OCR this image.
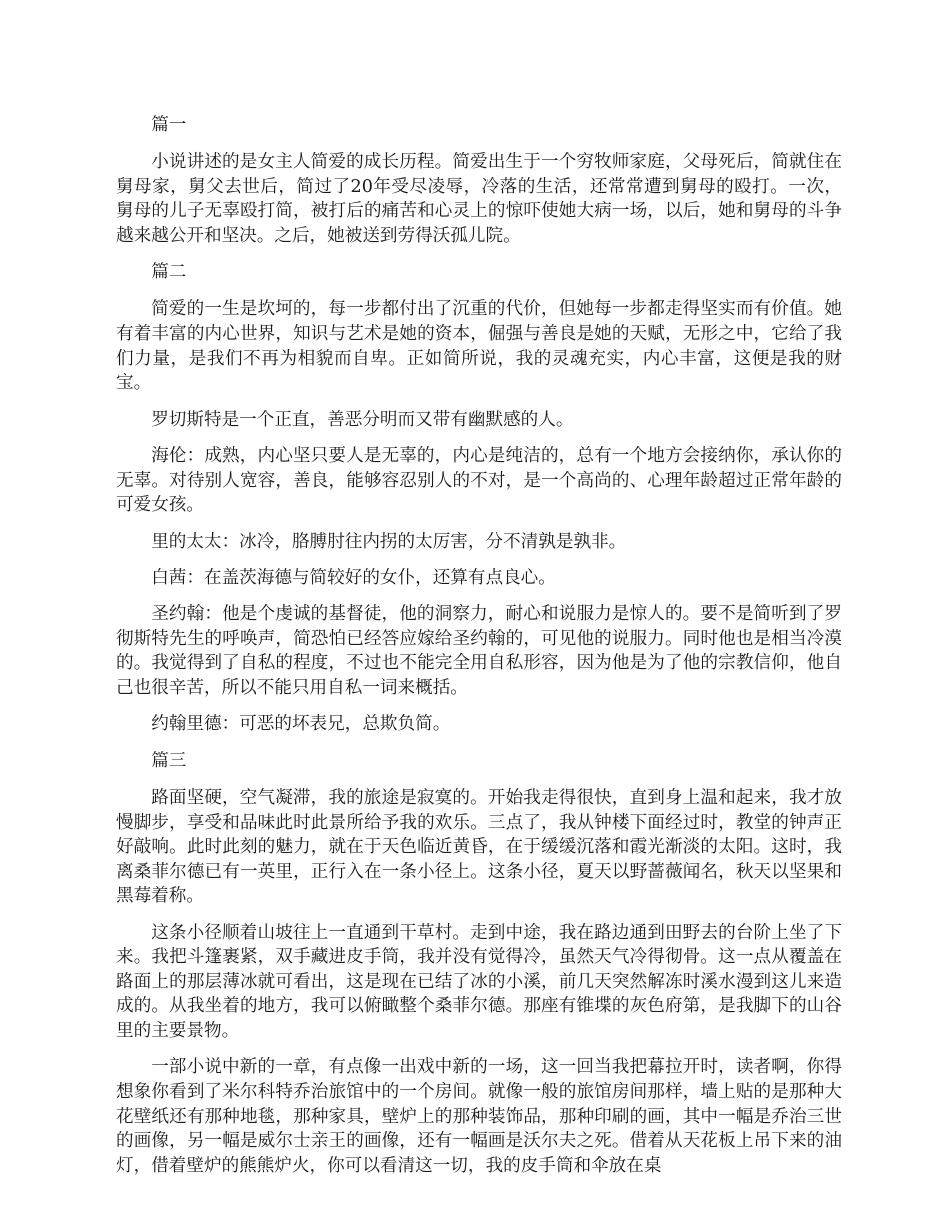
篇一

小说讲述的是女主人简爱的成长历程。简爱出生于一个穷牧师家庭，父母死后，简就住在舅母家，舅父去世后，简过了20年受尽凌辱，冷落的生活，还常常遭到舅母的殴打。一次，舅母的儿子无辜殴打简，被打后的痛苦和心灵上的惊吓使她大病一场，以后，她和舅母的斗争越来越公开和坚决。之后，她被送到劳得沃孤儿院。

篇二

简爱的一生是坎坷的，每一步都付出了沉重的代价，但她每一步都走得坚实而有价值。她有着丰富的内心世界，知识与艺术是她的资本，倔强与善良是她的天赋，无形之中，它给了我们力量，是我们不再为相貌而自卑。正如简所说，我的灵魂充实，内心丰富，这便是我的财宝。

罗切斯特是一个正直，善恶分明而又带有幽默感的人。

海伦：成熟，内心坚只要人是无辜的，内心是纯洁的，总有一个地方会接纳你，承认你的无辜。对待别人宽容，善良，能够容忍别人的不对，是一个高尚的、心理年龄超过正常年龄的可爱女孩。

里的太太：冰冷，胳膊肘往内拐的太厉害，分不清孰是孰非。

白茜：在盖茨海德与简较好的女仆，还算有点良心。

圣约翰：他是个虔诚的基督徒，他的洞察力，耐心和说服力是惊人的。要不是简听到了罗彻斯特先生的呼唤声，简恐怕已经答应嫁给圣约翰的，可见他的说服力。同时他也是相当冷漠的。我觉得到了自私的程度，不过也不能完全用自私形容，因为他是为了他的宗教信仰，他自己也很辛苦，所以不能只用自私一词来概括。

约翰里德：可恶的坏表兄，总欺负简。

篇三

路面坚硬，空气凝滞，我的旅途是寂寞的。开始我走得很快，直到身上温和起来，我才放慢脚步，享受和品味此时此景所给予我的欢乐。三点了，我从钟楼下面经过时，教堂的钟声正好敲响。此时此刻的魅力，就在于天色临近黄昏，在于缓缓沉落和霞光渐淡的太阳。这时，我离桑菲尔德已有一英里，正行入在一条小径上。这条小径，夏天以野蔷薇闻名，秋天以坚果和黑莓着称。

这条小径顺着山坡往上一直通到干草村。走到中途，我在路边通到田野去的台阶上坐了下来。我把斗篷裹紧，双手藏进皮手筒，我并没有觉得冷，虽然天气冷得彻骨。这一点从覆盖在路面上的那层薄冰就可看出，这是现在已结了冰的小溪，前几天突然解冻时溪水漫到这儿来造成的。从我坐着的地方，我可以俯瞰整个桑菲尔德。那座有锥堞的灰色府第，是我脚下的山谷里的主要景物。

一部小说中新的一章，有点像一出戏中新的一场，这一回当我把幕拉开时，读者啊，你得想象你看到了米尔科特乔治旅馆中的一个房间。就像一般的旅馆房间那样，墙上贴的是那种大花壁纸还有那种地毯，那种家具，壁炉上的那种装饰品，那种印刷的画，其中一幅是乔治三世的画像，另一幅是威尔士亲王的画像，还有一幅画是沃尔夫之死。借着从天花板上吊下来的油灯，借着壁炉的熊熊炉火，你可以看清这一切，我的皮手筒和伞放在桌
